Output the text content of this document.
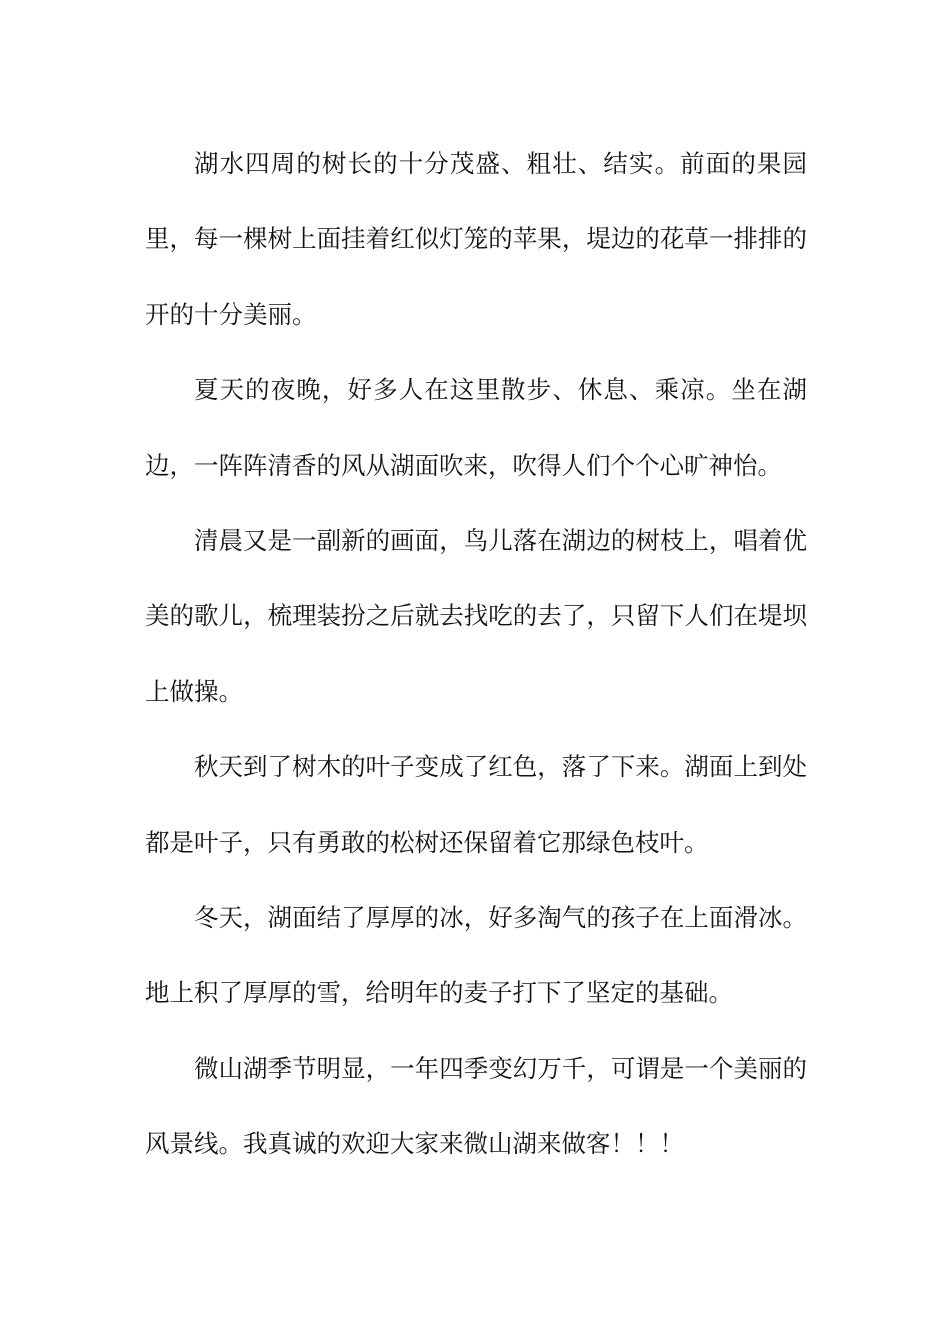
湖水四周的树长的十分茂盛、粗壮、结实。前面的果园里，每一棵树上面挂着红似灯笼的苹果，堤边的花草一排排的开的十分美丽。

夏天的夜晚，好多人在这里散步、休息、乘凉。坐在湖边，一阵阵清香的风从湖面吹来，吹得人们个个心旷神怡。

清晨又是一副新的画面，鸟儿落在湖边的树枝上，唱着优美的歌儿，梳理装扮之后就去找吃的去了，只留下人们在堤坝上做操。

秋天到了树木的叶子变成了红色，落了下来。湖面上到处都是叶子，只有勇敢的松树还保留着它那绿色枝叶。

冬天，湖面结了厚厚的冰，好多淘气的孩子在上面滑冰。地上积了厚厚的雪，给明年的麦子打下了坚定的基础。

微山湖季节明显，一年四季变幻万千，可谓是一个美丽的风景线。我真诚的欢迎大家来微山湖来做客！！！
